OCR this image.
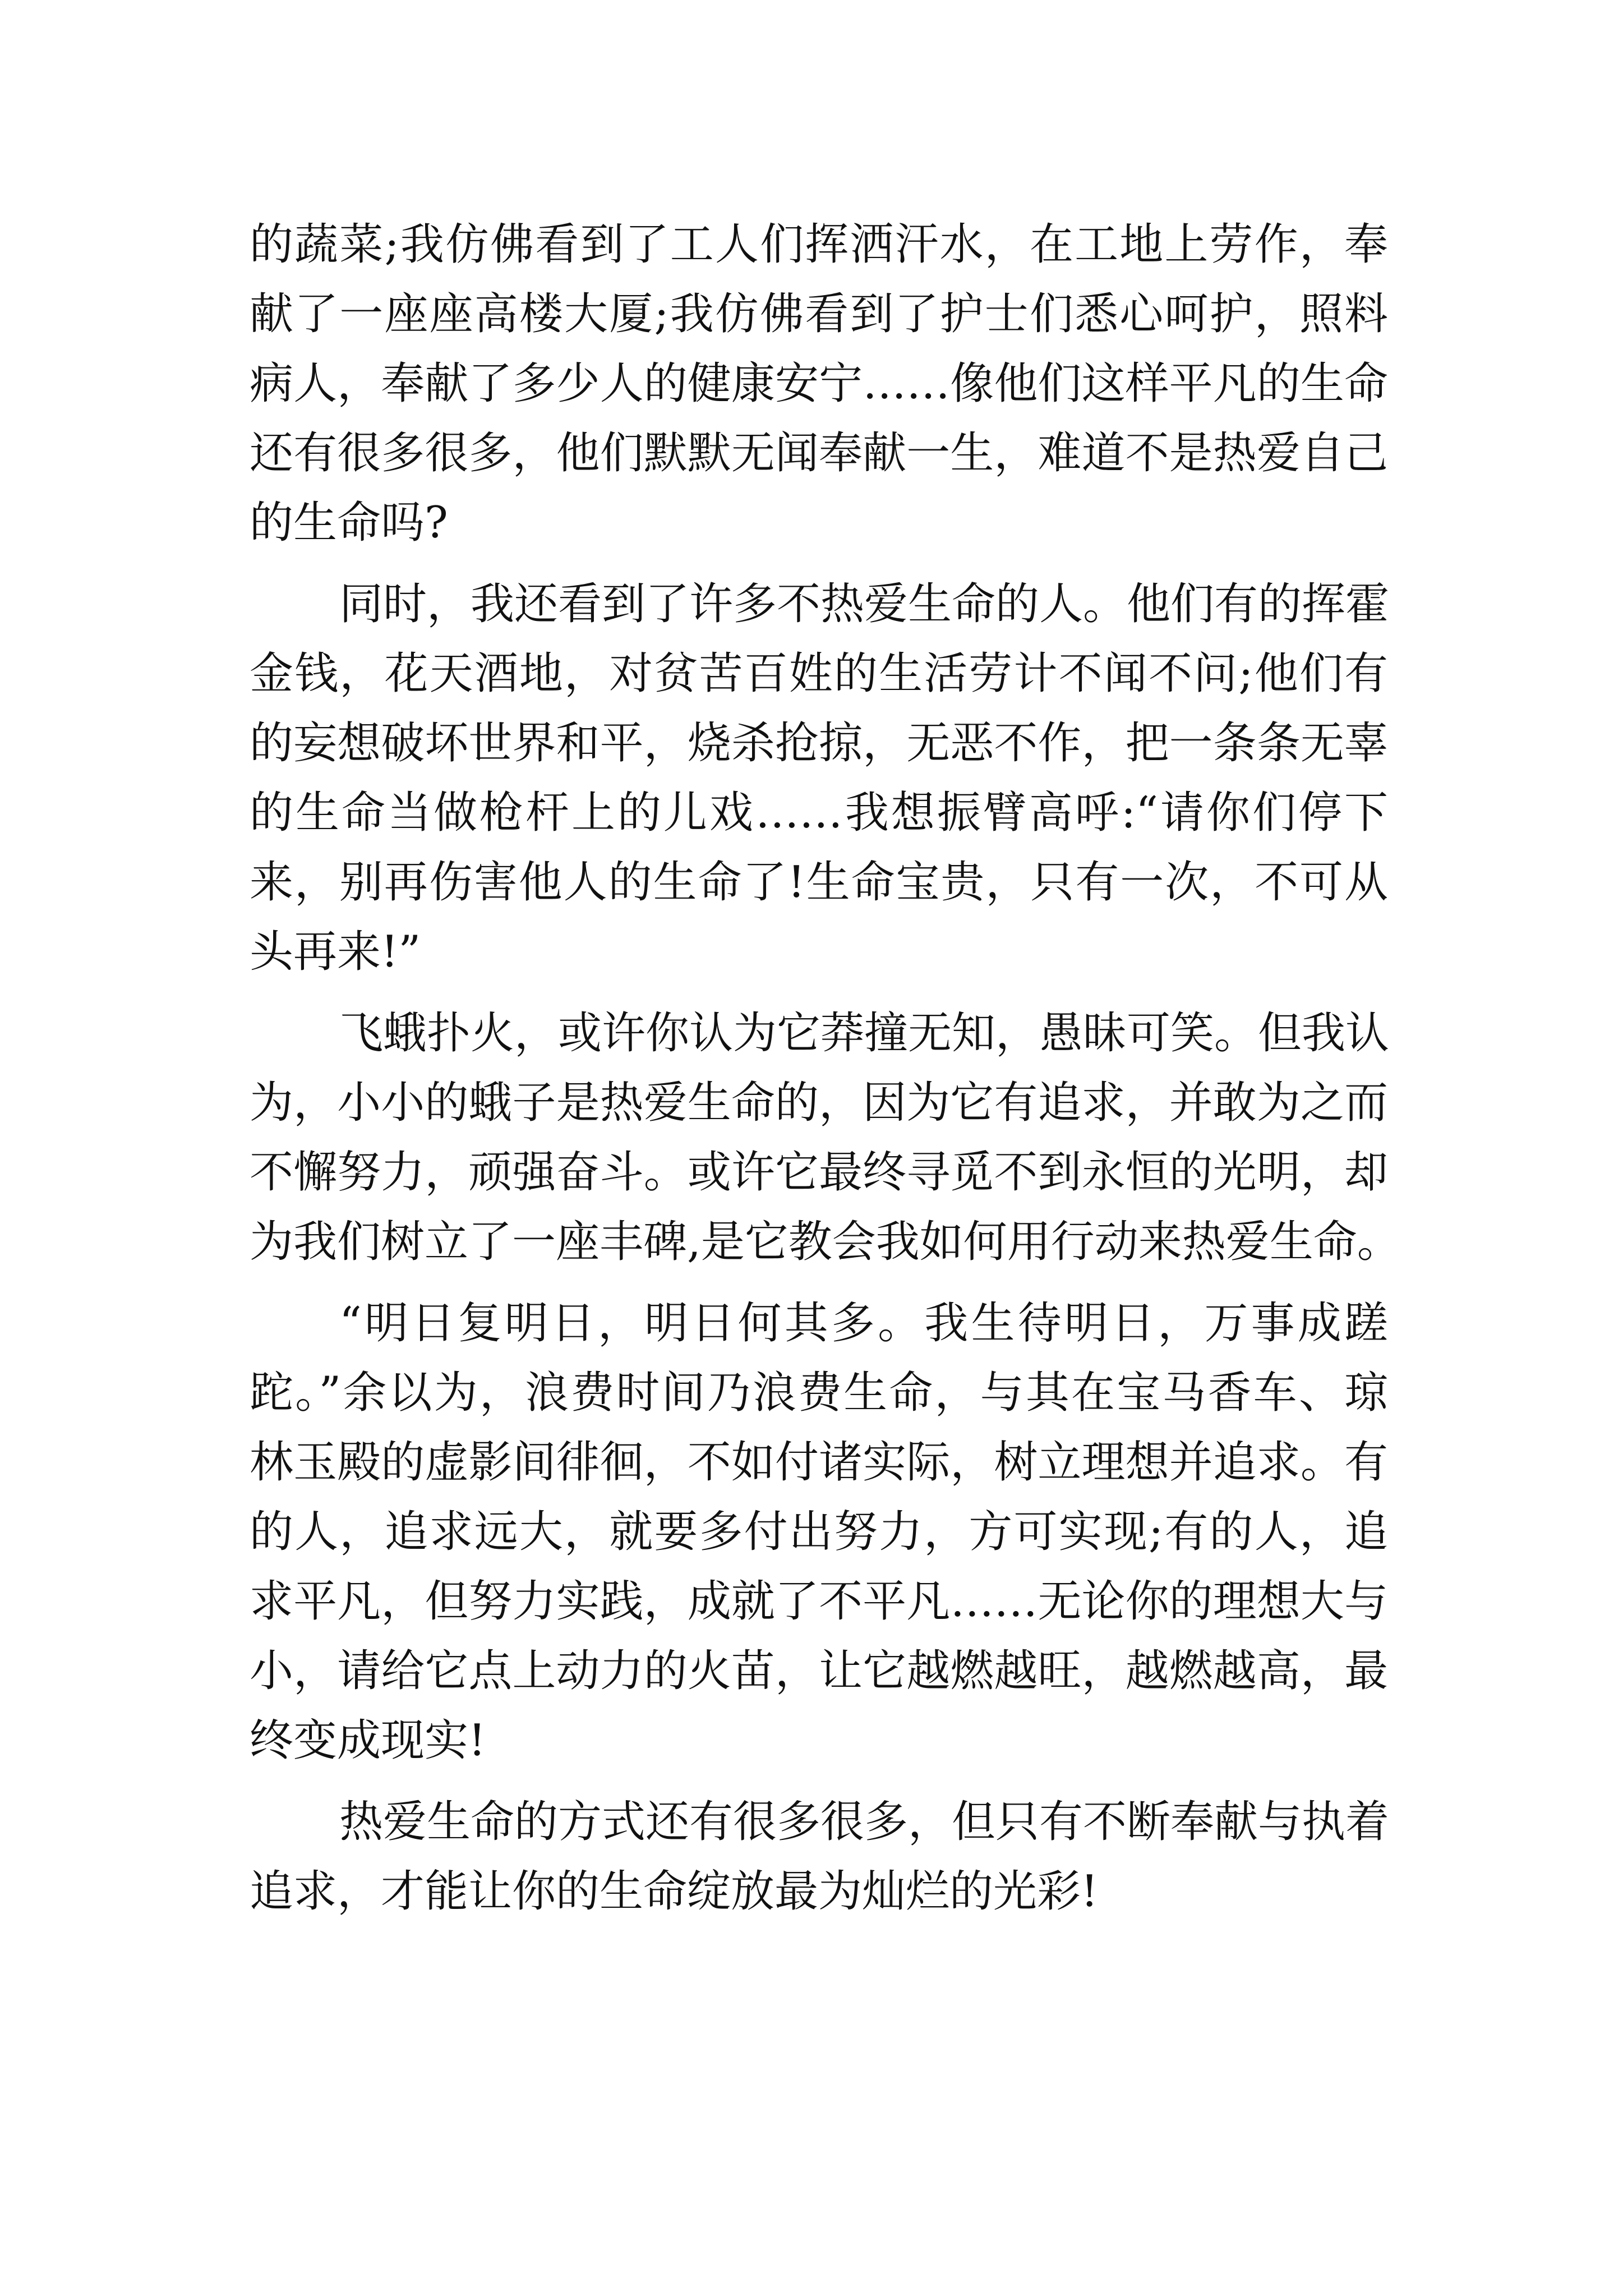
的蔬菜;我仿佛看到了工人们挥洒汗水，在工地上劳作，奉
献了一座座高楼大厦;我仿佛看到了护士们悉心呵护，照料
病人，奉献了多少人的健康安宁……像他们这样平凡的生命
还有很多很多，他们默默无闻奉献一生，难道不是热爱自己
的生命吗?
同时，我还看到了许多不热爱生命的人。他们有的挥霍
金钱，花天酒地，对贫苦百姓的生活劳计不闻不问;他们有
的妄想破坏世界和平，烧杀抢掠，无恶不作，把一条条无辜
的生命当做枪杆上的儿戏……我想振臂高呼:“请你们停下
来，别再伤害他人的生命了!生命宝贵，只有一次，不可从
头再来!”
飞蛾扑火，或许你认为它莽撞无知，愚昧可笑。但我认
为，小小的蛾子是热爱生命的，因为它有追求，并敢为之而
不懈努力，顽强奋斗。或许它最终寻觅不到永恒的光明，却
为我们树立了一座丰碑,是它教会我如何用行动来热爱生命。
“明日复明日，明日何其多。我生待明日，万事成蹉
跎。”余以为，浪费时间乃浪费生命，与其在宝马香车、琼
林玉殿的虚影间徘徊，不如付诸实际，树立理想并追求。有
的人，追求远大，就要多付出努力，方可实现;有的人，追
求平凡，但努力实践，成就了不平凡……无论你的理想大与
小，请给它点上动力的火苗，让它越燃越旺，越燃越高，最
终变成现实!
热爱生命的方式还有很多很多，但只有不断奉献与执着
追求，才能让你的生命绽放最为灿烂的光彩!
